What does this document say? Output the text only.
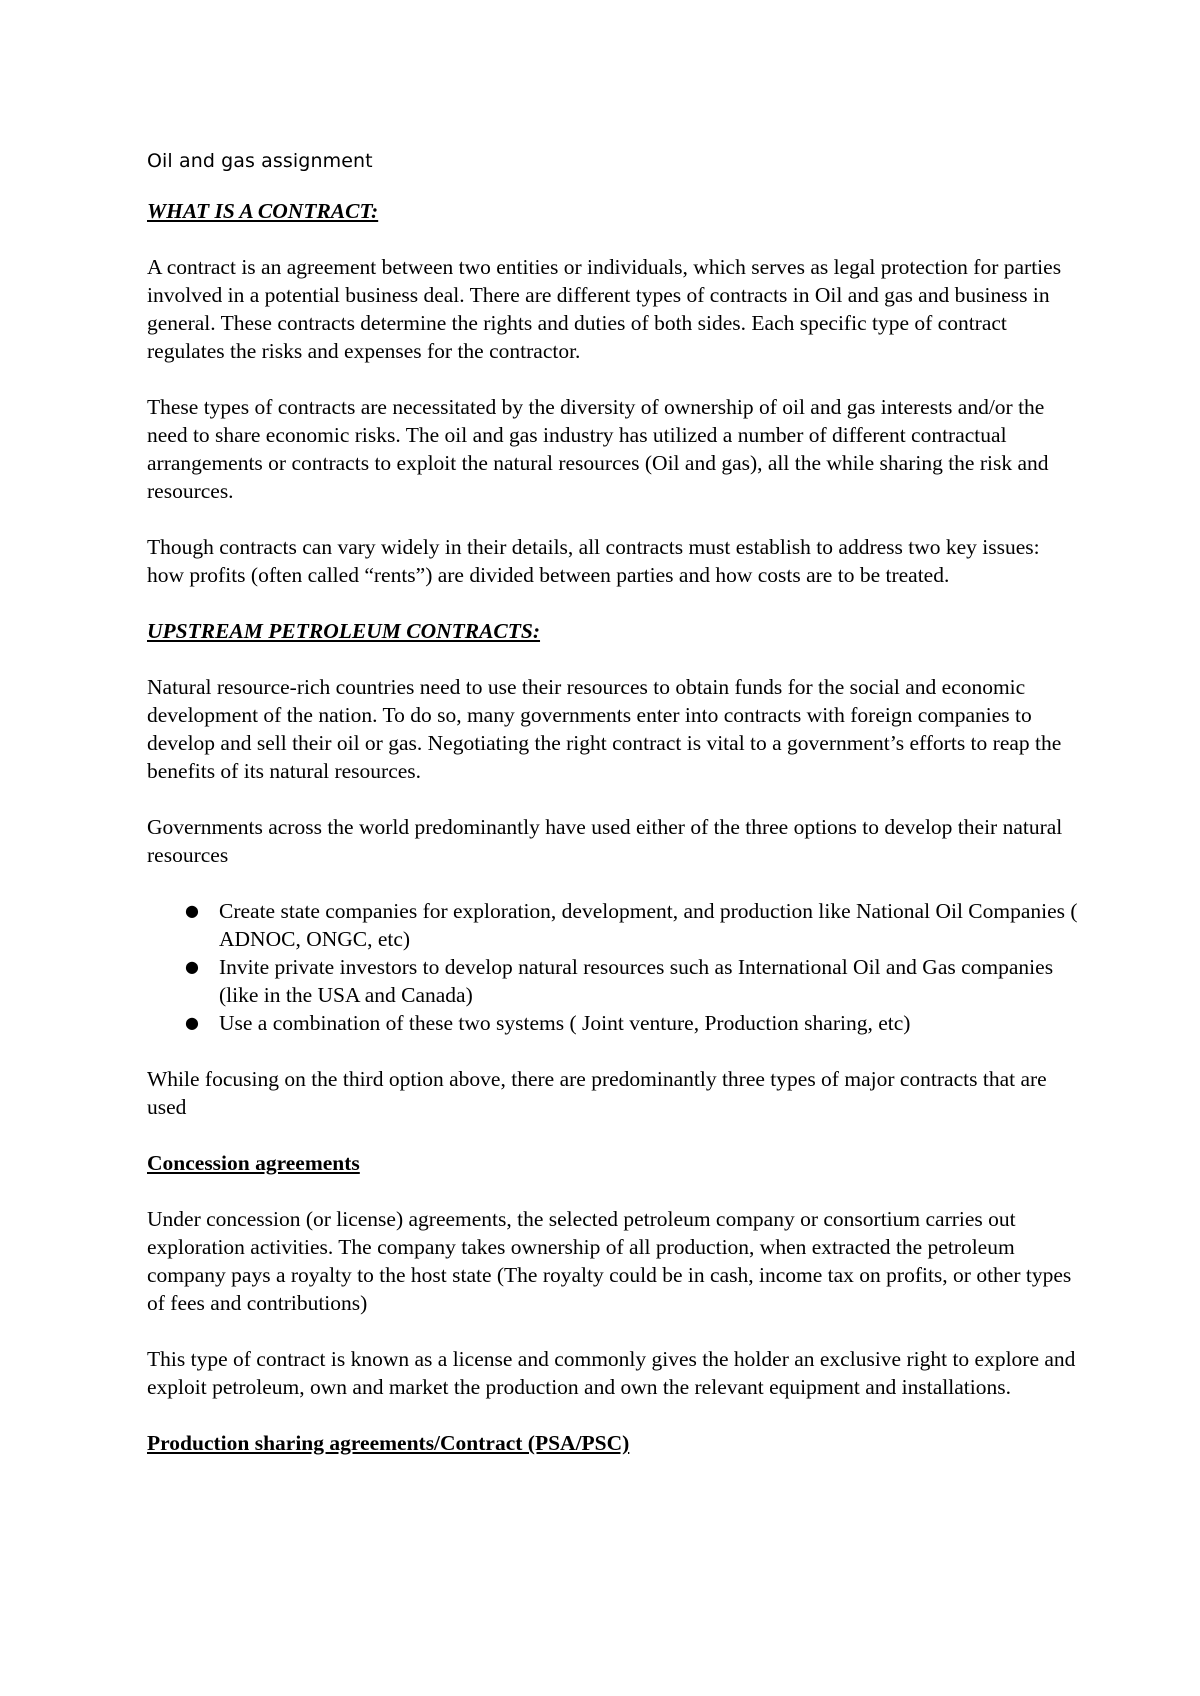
Oil and gas assignment
WHAT IS A CONTRACT:

A contract is an agreement between two entities or individuals, which serves as legal protection for parties involved in a potential business deal. There are different types of contracts in Oil and gas and business in general. These contracts determine the rights and duties of both sides. Each specific type of contract regulates the risks and expenses for the contractor.

These types of contracts are necessitated by the diversity of ownership of oil and gas interests and/or the need to share economic risks. The oil and gas industry has utilized a number of different contractual arrangements or contracts to exploit the natural resources (Oil and gas), all the while sharing the risk and resources.

Though contracts can vary widely in their details, all contracts must establish to address two key issues: how profits (often called “rents”) are divided between parties and how costs are to be treated.

UPSTREAM PETROLEUM CONTRACTS:

Natural resource-rich countries need to use their resources to obtain funds for the social and economic development of the nation. To do so, many governments enter into contracts with foreign companies to develop and sell their oil or gas. Negotiating the right contract is vital to a government’s efforts to reap the benefits of its natural resources.

Governments across the world predominantly have used either of the three options to develop their natural resources

● Create state companies for exploration, development, and production like National Oil Companies ( ADNOC, ONGC, etc)
● Invite private investors to develop natural resources such as International Oil and Gas companies (like in the USA and Canada)
● Use a combination of these two systems ( Joint venture, Production sharing, etc)

While focusing on the third option above, there are predominantly three types of major contracts that are used

Concession agreements

Under concession (or license) agreements, the selected petroleum company or consortium carries out exploration activities. The company takes ownership of all production, when extracted the petroleum company pays a royalty to the host state (The royalty could be in cash, income tax on profits, or other types of fees and contributions)

This type of contract is known as a license and commonly gives the holder an exclusive right to explore and exploit petroleum, own and market the production and own the relevant equipment and installations.

Production sharing agreements/Contract (PSA/PSC)
